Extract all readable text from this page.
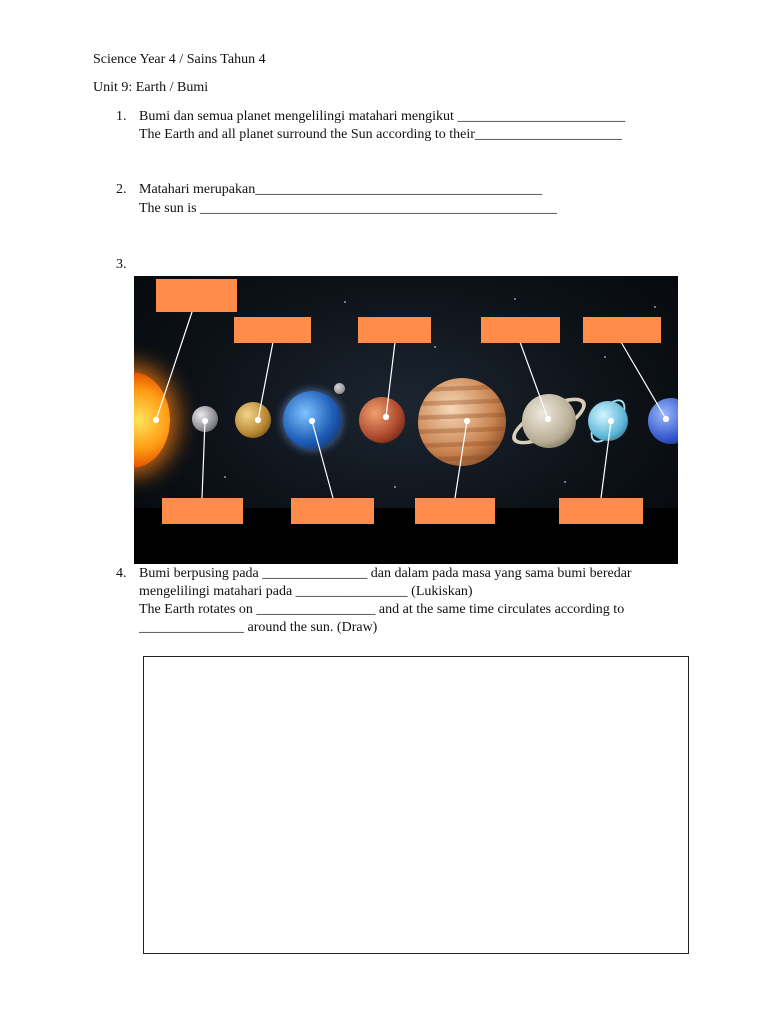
Science Year 4 / Sains Tahun 4
Unit 9: Earth / Bumi
1. Bumi dan semua planet mengelilingi matahari mengikut ________________________
The Earth and all planet surround the Sun according to their_____________________
2. Matahari merupakan_________________________________________
The sun is ___________________________________________________
3.
4. Bumi berpusing pada _______________ dan dalam pada masa yang sama bumi beredar
mengelilingi matahari pada ________________ (Lukiskan)
The Earth rotates on _________________ and at the same time circulates according to
_______________ around the sun. (Draw)
